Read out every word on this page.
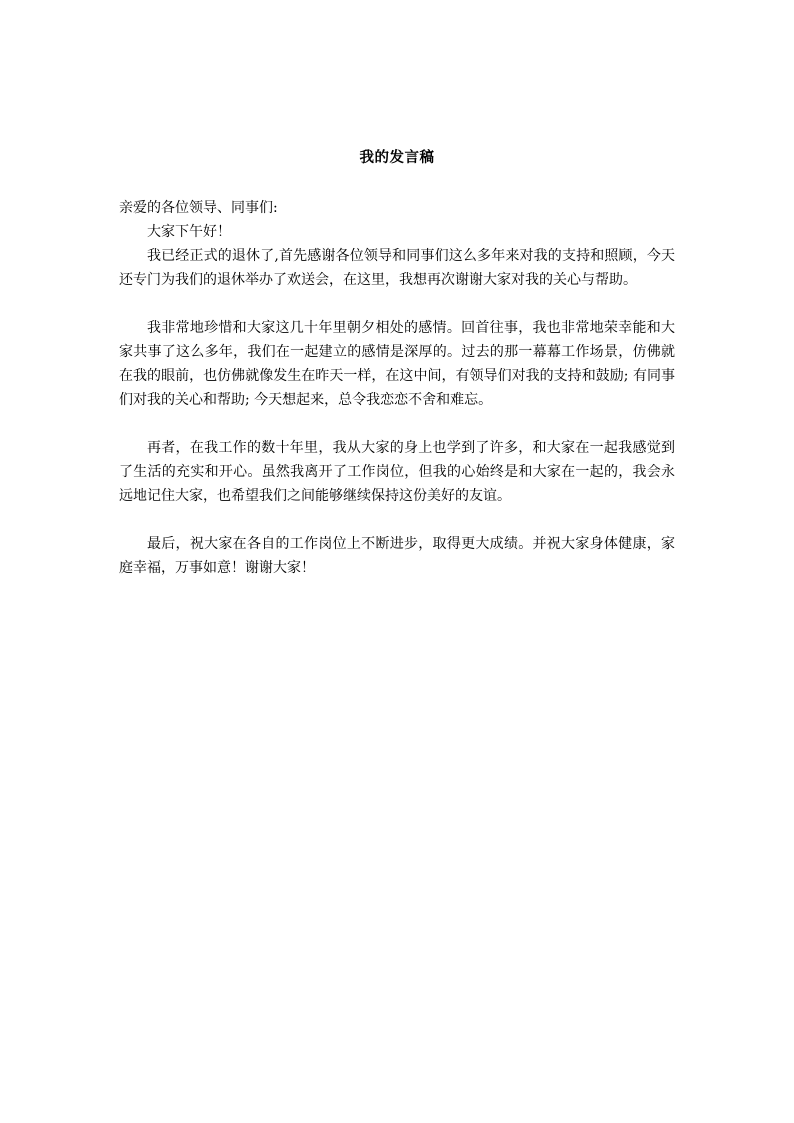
我的发言稿

亲爱的各位领导、同事们:

大家下午好！

我已经正式的退休了,首先感谢各位领导和同事们这么多年来对我的支持和照顾，今天还专门为我们的退休举办了欢送会，在这里，我想再次谢谢大家对我的关心与帮助。

我非常地珍惜和大家这几十年里朝夕相处的感情。回首往事，我也非常地荣幸能和大家共事了这么多年，我们在一起建立的感情是深厚的。过去的那一幕幕工作场景，仿佛就在我的眼前，也仿佛就像发生在昨天一样，在这中间，有领导们对我的支持和鼓励; 有同事们对我的关心和帮助; 今天想起来，总令我恋恋不舍和难忘。

再者，在我工作的数十年里，我从大家的身上也学到了许多，和大家在一起我感觉到了生活的充实和开心。虽然我离开了工作岗位，但我的心始终是和大家在一起的，我会永远地记住大家，也希望我们之间能够继续保持这份美好的友谊。

最后，祝大家在各自的工作岗位上不断进步，取得更大成绩。并祝大家身体健康，家庭幸福，万事如意！谢谢大家！
